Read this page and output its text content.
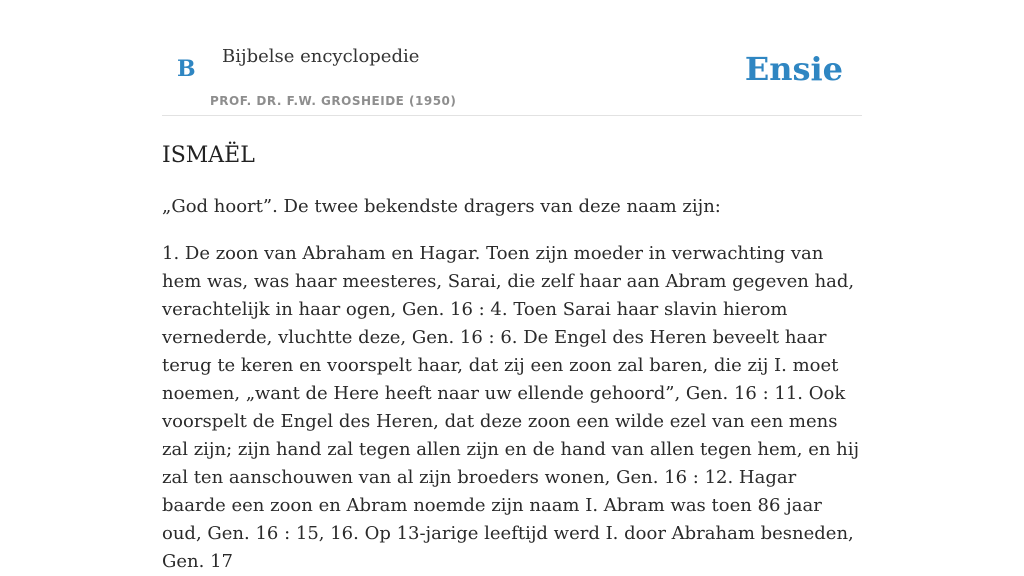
B Bijbelse encyclopedie
PROF. DR. F.W. GROSHEIDE (1950)
Ensie
ISMAËL

„God hoort”. De twee bekendste dragers van deze naam zijn:

1. De zoon van Abraham en Hagar. Toen zijn moeder in verwachting van hem was, was haar meesteres, Sarai, die zelf haar aan Abram gegeven had, verachtelijk in haar ogen, Gen. 16 : 4. Toen Sarai haar slavin hierom vernederde, vluchtte deze, Gen. 16 : 6. De Engel des Heren beveelt haar terug te keren en voorspelt haar, dat zij een zoon zal baren, die zij I. moet noemen, „want de Here heeft naar uw ellende gehoord”, Gen. 16 : 11. Ook voorspelt de Engel des Heren, dat deze zoon een wilde ezel van een mens zal zijn; zijn hand zal tegen allen zijn en de hand van allen tegen hem, en hij zal ten aanschouwen van al zijn broeders wonen, Gen. 16 : 12. Hagar baarde een zoon en Abram noemde zijn naam I. Abram was toen 86 jaar oud, Gen. 16 : 15, 16. Op 13-jarige leeftijd werd I. door Abraham besneden, Gen. 17
